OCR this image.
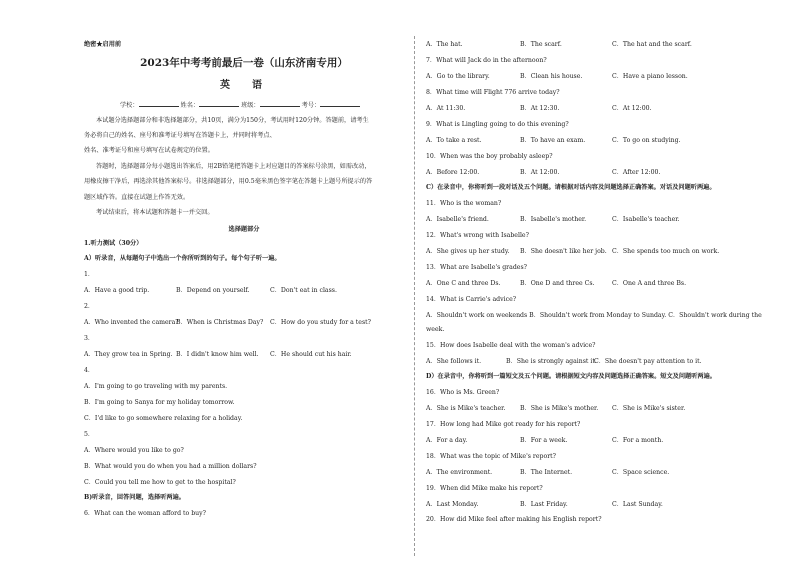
绝密★启用前
2023年中考考前最后一卷（山东济南专用）
英　语
学校：	姓名：	班级：	考号：
本试题分选择题部分和非选择题部分，共10页，满分为150分，考试用时120分钟。答题前，请考生
务必将自己的姓名、座号和准考证号填写在答题卡上，并同时将考点、
姓名、准考证号和座号填写在试卷规定的位置。
答题时，选择题部分每小题选出答案后，用2B铅笔把答题卡上对应题目的答案标号涂黑，如需改动，
用橡皮擦干净后，再选涂其他答案标号。非选择题部分，用0.5毫米黑色签字笔在答题卡上题号所提示的答
题区域作答。直接在试题上作答无效。
考试结束后，将本试题和答题卡一并交回。
选择题部分
1.听力测试（30分）
A）听录音，从每题句子中选出一个你所听到的句子。每个句子听一遍。
1．
A．Have a good trip.	B．Depend on yourself.	C．Don't eat in class.
2．
A．Who invented the camera?
B．When is Christmas Day? C．How do you study for a test?
3．
A．They grow tea in Spring. B．I didn't know him well. C．He should cut his hair.
4．
A．I'm going to go traveling with my parents.
B．I'm going to Sanya for my holiday tomorrow.
C．I'd like to go somewhere relaxing for a holiday.
5．
A．Where would you like to go?
B．What would you do when you had a million dollars?
C．Could you tell me how to get to the hospital?
B)听录音，回答问题，选择听两遍。
6．What can the woman afford to buy?
A．The hat.	B．The scarf.	C．The hat and the scarf.
7．What will Jack do in the afternoon?
A．Go to the library.	B．Clean his house.	C．Have a piano lesson.
8．What time will Flight 776 arrive today?
A．At 11:30.	B．At 12:30.	C．At 12:00.
9．What is Lingling going to do this evening?
A．To take a rest.	B．To have an exam.	C．To go on studying.
10．When was the boy probably asleep?
A．Before 12:00.	B．At 12:00.	C．After 12:00.
C）在录音中，你将听到一段对话及五个问题。请根据对话内容及问题选择正确答案。对话及问题听两遍。
11．Who is the woman?
A．Isabelle's friend.	B．Isabelle's mother.	C．Isabelle's teacher.
12．What's wrong with Isabelle?
A．She gives up her study. B．She doesn't like her job. C．She spends too much on work.
13．What are Isabelle's grades?
A．One C and three Ds.	B．One D and three Cs.	C．One A and three Bs.
14．What is Carrie's advice?
A．Shouldn't work on weekends B．Shouldn't work from Monday to Sunday. C．Shouldn't work during the
week.
15．How does Isabelle deal with the woman's advice?
A．She follows it.	B．She is strongly against it.
C．She doesn't pay attention to it.
D）在录音中，你将听到一篇短文及五个问题。请根据短文内容及问题选择正确答案。短文及问题听两遍。
16．Who is Ms. Green?
A．She is Mike's teacher. B．She is Mike's mother. C．She is Mike's sister.
17．How long had Mike got ready for his report?
A．For a day.	B．For a week.	C．For a month.
18．What was the topic of Mike's report?
A．The environment.	B．The Internet.	C．Space science.
19．When did Mike make his report?
A．Last Monday.	B．Last Friday.	C．Last Sunday.
20．How did Mike feel after making his English report?
